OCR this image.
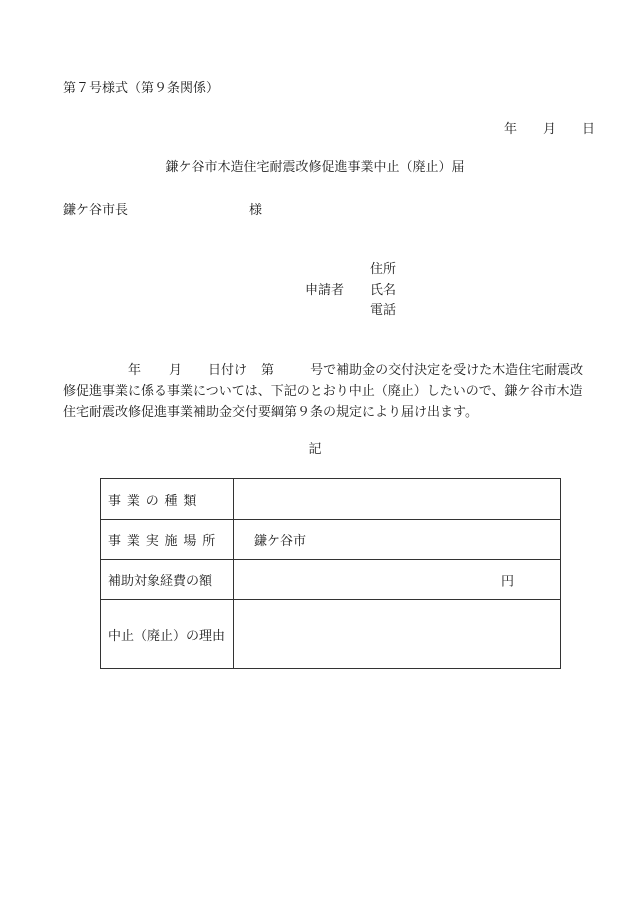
第７号様式（第９条関係）
年 月 日
鎌ケ谷市木造住宅耐震改修促進事業中止（廃止）届
鎌ケ谷市長	様
申請者
住所
氏名
電話
年 月 日付け 第	号で補助金の交付決定を受けた木造住宅耐震改
修促進事業に係る事業については、下記のとおり中止（廃止）したいので、鎌ケ谷市木造
住宅耐震改修促進事業補助金交付要綱第９条の規定により届け出ます。
記
事業の種類	
事業実施場所	鎌ケ谷市
補助対象経費の額	円

中止（廃止）の理由	
